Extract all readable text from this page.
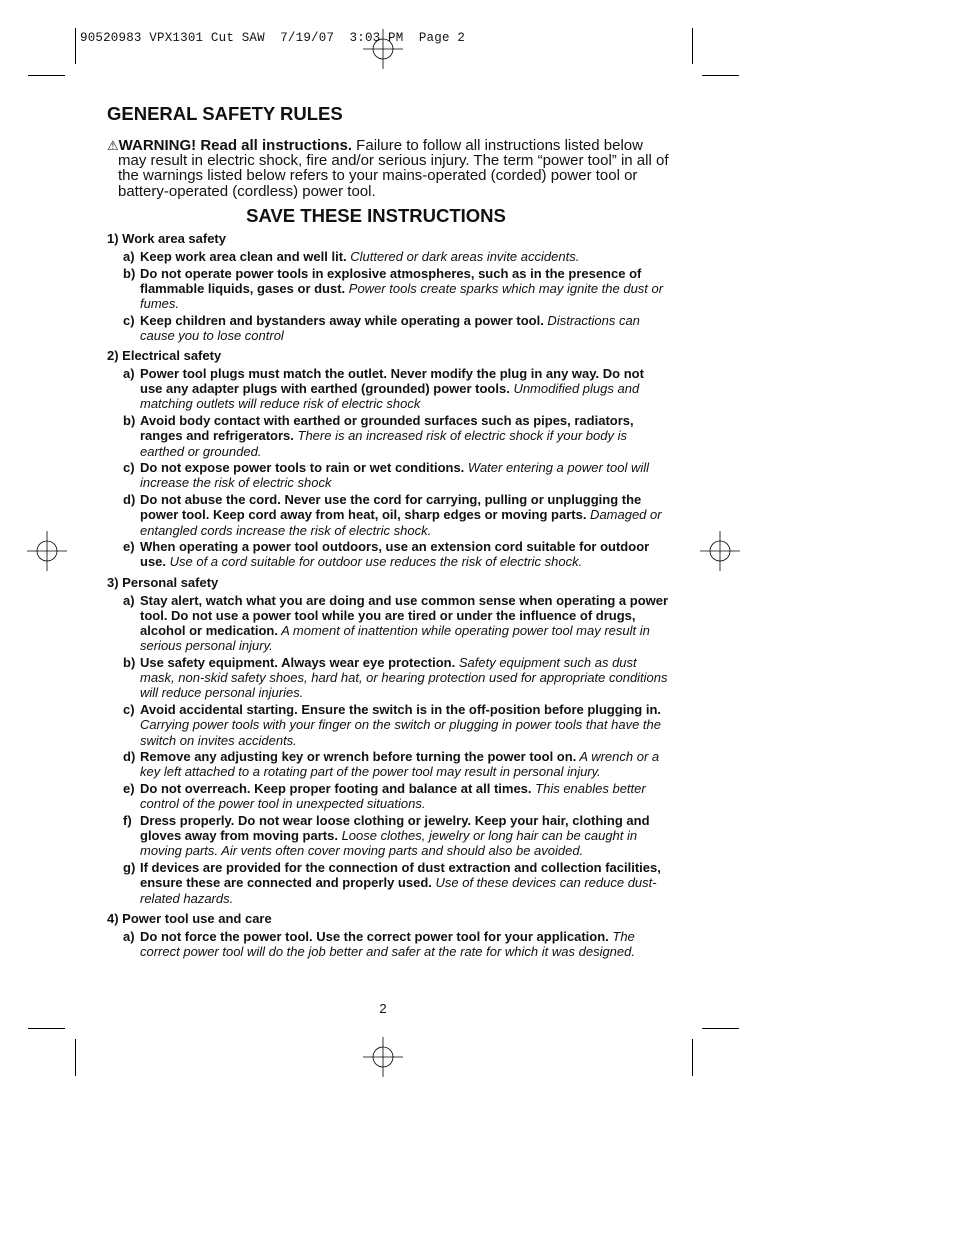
90520983 VPX1301 Cut SAW  7/19/07  3:03 PM  Page 2
GENERAL SAFETY RULES

⚠WARNING! Read all instructions. Failure to follow all instructions listed below may result in electric shock, fire and/or serious injury. The term “power tool” in all of the warnings listed below refers to your mains-operated (corded) power tool or battery-operated (cordless) power tool.

SAVE THESE INSTRUCTIONS
1) Work area safety
a) Keep work area clean and well lit. Cluttered or dark areas invite accidents.
b) Do not operate power tools in explosive atmospheres, such as in the presence of flammable liquids, gases or dust. Power tools create sparks which may ignite the dust or fumes.
c) Keep children and bystanders away while operating a power tool. Distractions can cause you to lose control
2) Electrical safety
a) Power tool plugs must match the outlet. Never modify the plug in any way. Do not use any adapter plugs with earthed (grounded) power tools. Unmodified plugs and matching outlets will reduce risk of electric shock
b) Avoid body contact with earthed or grounded surfaces such as pipes, radiators, ranges and refrigerators. There is an increased risk of electric shock if your body is earthed or grounded.
c) Do not expose power tools to rain or wet conditions. Water entering a power tool will increase the risk of electric shock
d) Do not abuse the cord. Never use the cord for carrying, pulling or unplugging the power tool. Keep cord away from heat, oil, sharp edges or moving parts. Damaged or entangled cords increase the risk of electric shock.
e) When operating a power tool outdoors, use an extension cord suitable for outdoor use. Use of a cord suitable for outdoor use reduces the risk of electric shock.
3) Personal safety
a) Stay alert, watch what you are doing and use common sense when operating a power tool. Do not use a power tool while you are tired or under the influence of drugs, alcohol or medication. A moment of inattention while operating power tool may result in serious personal injury.
b) Use safety equipment. Always wear eye protection. Safety equipment such as dust mask, non-skid safety shoes, hard hat, or hearing protection used for appropriate conditions will reduce personal injuries.
c) Avoid accidental starting. Ensure the switch is in the off-position before plugging in. Carrying power tools with your finger on the switch or plugging in power tools that have the switch on invites accidents.
d) Remove any adjusting key or wrench before turning the power tool on. A wrench or a key left attached to a rotating part of the power tool may result in personal injury.
e) Do not overreach. Keep proper footing and balance at all times. This enables better control of the power tool in unexpected situations.
f) Dress properly. Do not wear loose clothing or jewelry. Keep your hair, clothing and gloves away from moving parts. Loose clothes, jewelry or long hair can be caught in moving parts. Air vents often cover moving parts and should also be avoided.
g) If devices are provided for the connection of dust extraction and collection facilities, ensure these are connected and properly used. Use of these devices can reduce dust-related hazards.
4) Power tool use and care
a) Do not force the power tool. Use the correct power tool for your application. The correct power tool will do the job better and safer at the rate for which it was designed.
2
